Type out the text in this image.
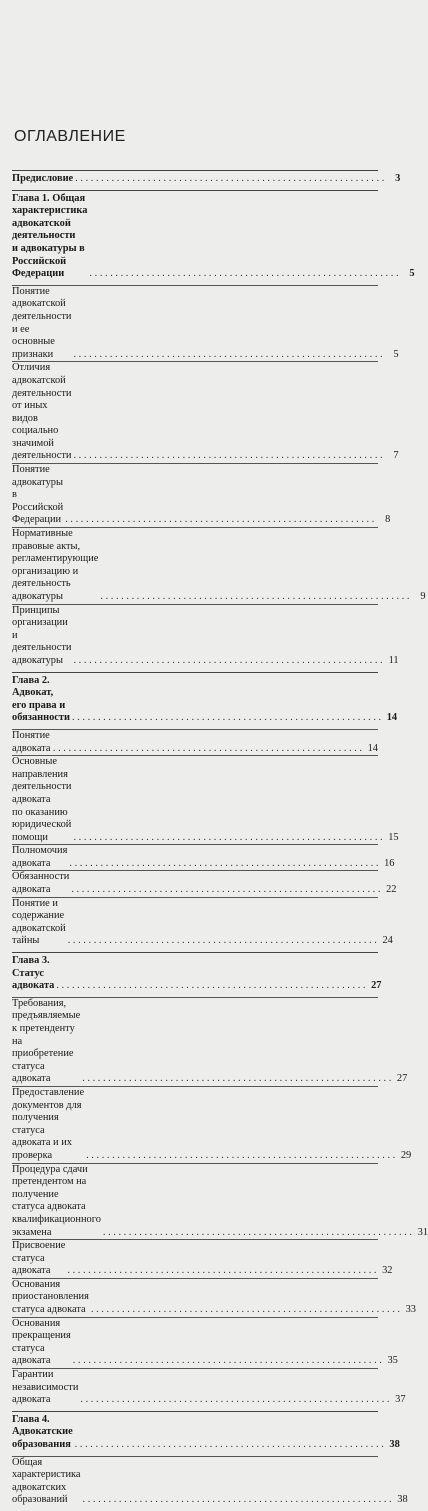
ОГЛАВЛЕНИЕ
Предисловие . . . . . . . . . . . . . . . . . . . . . . . . . . . . . . . . . . . . . . . . . . . . . . . . . . . . . . . . . . . .	3
Глава 1. Общая характеристика адвокатской деятельности
и адвокатуры в Российской Федерации	. . . . . . . . . . . . . . . . . . . . . . . . . . . . . . . . . . . . . . . . . . . . . . . . . . . . . . . . . . . .	5
Понятие адвокатской деятельности и ее основные признаки	. . . . . . . . . . . . . . . . . . . . . . . . . . . . . . . . . . . . . . . . . . . . . . . . . . . . . . . . . . . .	5
Отличия адвокатской деятельности от иных видов
социально значимой деятельности . . . . . . . . . . . . . . . . . . . . . . . . . . . . . . . . . . . . . . . . . . . . . . . . . . . . . . . . . . . .	7
Понятие адвокатуры в Российской Федерации . . . . . . . . . . . . . . . . . . . . . . . . . . . . . . . . . . . . . . . . . . . . . . . . . . . . . . . . . . . .	8
Нормативные правовые акты, регламентирующие
организацию и деятельность адвокатуры	. . . . . . . . . . . . . . . . . . . . . . . . . . . . . . . . . . . . . . . . . . . . . . . . . . . . . . . . . . . .	9
Принципы организации и деятельности адвокатуры	. . . . . . . . . . . . . . . . . . . . . . . . . . . . . . . . . . . . . . . . . . . . . . . . . . . . . . . . . . . . 11
Глава 2. Адвокат, его права и обязанности . . . . . . . . . . . . . . . . . . . . . . . . . . . . . . . . . . . . . . . . . . . . . . . . . . . . . . . . . . . . 14
Понятие адвоката . . . . . . . . . . . . . . . . . . . . . . . . . . . . . . . . . . . . . . . . . . . . . . . . . . . . . . . . . . . . 14
Основные направления деятельности адвоката
по оказанию юридической помощи	. . . . . . . . . . . . . . . . . . . . . . . . . . . . . . . . . . . . . . . . . . . . . . . . . . . . . . . . . . . . 15
Полномочия адвоката	. . . . . . . . . . . . . . . . . . . . . . . . . . . . . . . . . . . . . . . . . . . . . . . . . . . . . . . . . . . . 16
Обязанности адвоката	. . . . . . . . . . . . . . . . . . . . . . . . . . . . . . . . . . . . . . . . . . . . . . . . . . . . . . . . . . . . 22
Понятие и содержание адвокатской тайны	. . . . . . . . . . . . . . . . . . . . . . . . . . . . . . . . . . . . . . . . . . . . . . . . . . . . . . . . . . . . 24
Глава 3. Статус адвоката . . . . . . . . . . . . . . . . . . . . . . . . . . . . . . . . . . . . . . . . . . . . . . . . . . . . . . . . . . . . 27
Требования, предъявляемые к претенденту
на приобретение статуса адвоката	. . . . . . . . . . . . . . . . . . . . . . . . . . . . . . . . . . . . . . . . . . . . . . . . . . . . . . . . . . . . 27
Предоставление документов для получения
статуса адвоката и их проверка	. . . . . . . . . . . . . . . . . . . . . . . . . . . . . . . . . . . . . . . . . . . . . . . . . . . . . . . . . . . . 29
Процедура сдачи претендентом на получение
статуса адвоката квалификационного экзамена	. . . . . . . . . . . . . . . . . . . . . . . . . . . . . . . . . . . . . . . . . . . . . . . . . . . . . . . . . . . . 31
Присвоение статуса адвоката	. . . . . . . . . . . . . . . . . . . . . . . . . . . . . . . . . . . . . . . . . . . . . . . . . . . . . . . . . . . . 32
Основания приостановления статуса адвоката . . . . . . . . . . . . . . . . . . . . . . . . . . . . . . . . . . . . . . . . . . . . . . . . . . . . . . . . . . . . 33
Основания прекращения статуса адвоката	. . . . . . . . . . . . . . . . . . . . . . . . . . . . . . . . . . . . . . . . . . . . . . . . . . . . . . . . . . . . 35
Гарантии независимости адвоката	. . . . . . . . . . . . . . . . . . . . . . . . . . . . . . . . . . . . . . . . . . . . . . . . . . . . . . . . . . . . 37
Глава 4. Адвокатские образования . . . . . . . . . . . . . . . . . . . . . . . . . . . . . . . . . . . . . . . . . . . . . . . . . . . . . . . . . . . . 38
Общая характеристика адвокатских образований	. . . . . . . . . . . . . . . . . . . . . . . . . . . . . . . . . . . . . . . . . . . . . . . . . . . . . . . . . . . . 38
